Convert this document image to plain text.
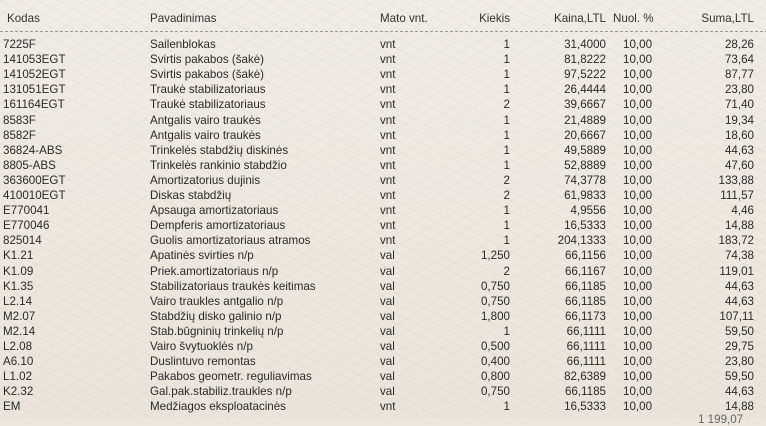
Kodas	Pavadinimas	Mato vnt.	Kiekis	Kaina,LTL Nuol. %	Suma,LTL
7225F	Sailenblokas	vnt	1	31,4000 10,00	28,26
141053EGT	Svirtis pakabos (šakė)	vnt	1	81,8222 10,00	73,64
141052EGT	Svirtis pakabos (šakė)	vnt	1	97,5222 10,00	87,77
131051EGT	Traukė stabilizatoriaus	vnt	1	26,4444 10,00	23,80
161164EGT	Traukė stabilizatoriaus	vnt	2	39,6667 10,00	71,40
8583F	Antgalis vairo traukės	vnt	1	21,4889 10,00	19,34
8582F	Antgalis vairo traukės	vnt	1	20,6667 10,00	18,60
36824-ABS	Trinkelės stabdžių diskinės	vnt	1	49,5889 10,00	44,63
8805-ABS	Trinkelės rankinio stabdžio	vnt	1	52,8889 10,00	47,60
363600EGT	Amortizatorius dujinis	vnt	2	74,3778 10,00	133,88
410010EGT	Diskas stabdžių	vnt	2	61,9833 10,00	111,57
E770041	Apsauga amortizatoriaus	vnt	1	4,9556 10,00	4,46
E770046	Dempferis amortizatoriaus	vnt	1	16,5333 10,00	14,88
825014	Guolis amortizatoriaus atramos	vnt	1	204,1333 10,00	183,72
K1.21	Apatinės svirties n/p	val	1,250	66,1156 10,00	74,38
K1.09	Priek.amortizatoriaus n/p	val	2	66,1167 10,00	119,01
K1.35	Stabilizatoriaus traukės keitimas	val	0,750	66,1185 10,00	44,63
L2.14	Vairo traukles antgalio n/p	val	0,750	66,1185 10,00	44,63
M2.07	Stabdžių disko galinio n/p	val	1,800	66,1173 10,00	107,11
M2.14	Stab.būgninių trinkelių n/p	val	1	66,1111 10,00	59,50
L2.08	Vairo švytuoklės n/p	val	0,500	66,1111 10,00	29,75
A6.10	Duslintuvo remontas	val	0,400	66,1111 10,00	23,80
L1.02	Pakabos geometr. reguliavimas	val	0,800	82,6389 10,00	59,50
K2.32	Gal.pak.stabiliz.traukles n/p	val	0,750	66,1185 10,00	44,63
EM	Medžiagos eksploatacinės	vnt	1	16,5333 10,00	14,88
1 199,07
